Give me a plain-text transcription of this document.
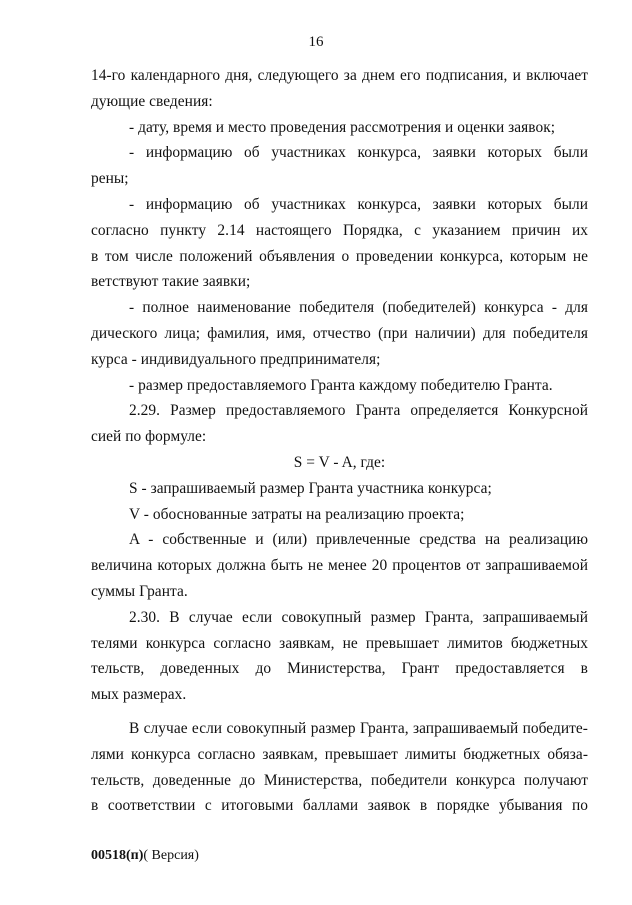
16
14-го календарного дня, следующего за днем его подписания, и включает
дующие сведения:
- дату, время и место проведения рассмотрения и оценки заявок;
- информацию об участниках конкурса, заявки которых были
рены;
- информацию об участниках конкурса, заявки которых были
согласно пункту 2.14 настоящего Порядка, с указанием причин их
в том числе положений объявления о проведении конкурса, которым не
ветствуют такие заявки;
- полное наименование победителя (победителей) конкурса - для
дического лица; фамилия, имя, отчество (при наличии) для победителя
курса - индивидуального предпринимателя;
- размер предоставляемого Гранта каждому победителю Гранта.
2.29. Размер предоставляемого Гранта определяется Конкурсной
сией по формуле:
S = V - A, где:
S - запрашиваемый размер Гранта участника конкурса;
V - обоснованные затраты на реализацию проекта;
A - собственные и (или) привлеченные средства на реализацию
величина которых должна быть не менее 20 процентов от запрашиваемой
суммы Гранта.
2.30. В случае если совокупный размер Гранта, запрашиваемый
телями конкурса согласно заявкам, не превышает лимитов бюджетных
тельств, доведенных до Министерства, Грант предоставляется в
мых размерах.
В случае если совокупный размер Гранта, запрашиваемый победите-
лями конкурса согласно заявкам, превышает лимиты бюджетных обяза-
тельств, доведенные до Министерства, победители конкурса получают
в соответствии с итоговыми баллами заявок в порядке убывания по
00518(п)( Версия)
